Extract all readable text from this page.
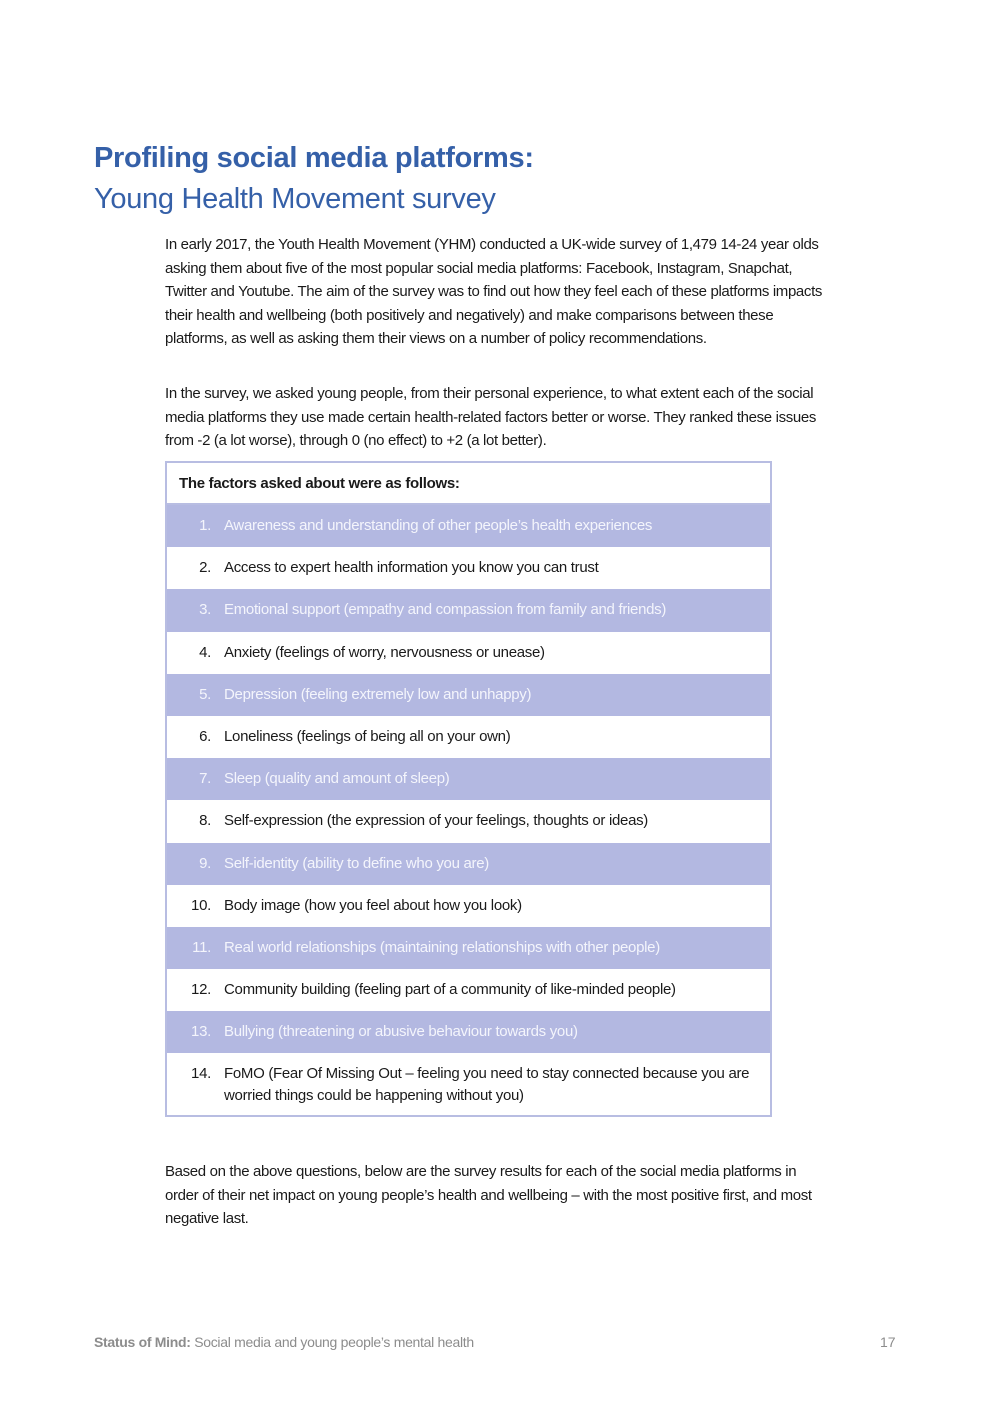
Profiling social media platforms:
Young Health Movement survey

In early 2017, the Youth Health Movement (YHM) conducted a UK-wide survey of 1,479 14-24 year olds asking them about five of the most popular social media platforms: Facebook, Instagram, Snapchat, Twitter and Youtube. The aim of the survey was to find out how they feel each of these platforms impacts their health and wellbeing (both positively and negatively) and make comparisons between these platforms, as well as asking them their views on a number of policy recommendations.

In the survey, we asked young people, from their personal experience, to what extent each of the social media platforms they use made certain health-related factors better or worse. They ranked these issues from -2 (a lot worse), through 0 (no effect) to +2 (a lot better).

The factors asked about were as follows:
1. Awareness and understanding of other people’s health experiences
2. Access to expert health information you know you can trust
3. Emotional support (empathy and compassion from family and friends)
4. Anxiety (feelings of worry, nervousness or unease)
5. Depression (feeling extremely low and unhappy)
6. Loneliness (feelings of being all on your own)
7. Sleep (quality and amount of sleep)
8. Self-expression (the expression of your feelings, thoughts or ideas)
9. Self-identity (ability to define who you are)
10. Body image (how you feel about how you look)
11. Real world relationships (maintaining relationships with other people)
12. Community building (feeling part of a community of like-minded people)
13. Bullying (threatening or abusive behaviour towards you)
14. FoMO (Fear Of Missing Out – feeling you need to stay connected because you are worried things could be happening without you)

Based on the above questions, below are the survey results for each of the social media platforms in order of their net impact on young people’s health and wellbeing – with the most positive first, and most negative last.

Status of Mind: Social media and young people’s mental health	17
